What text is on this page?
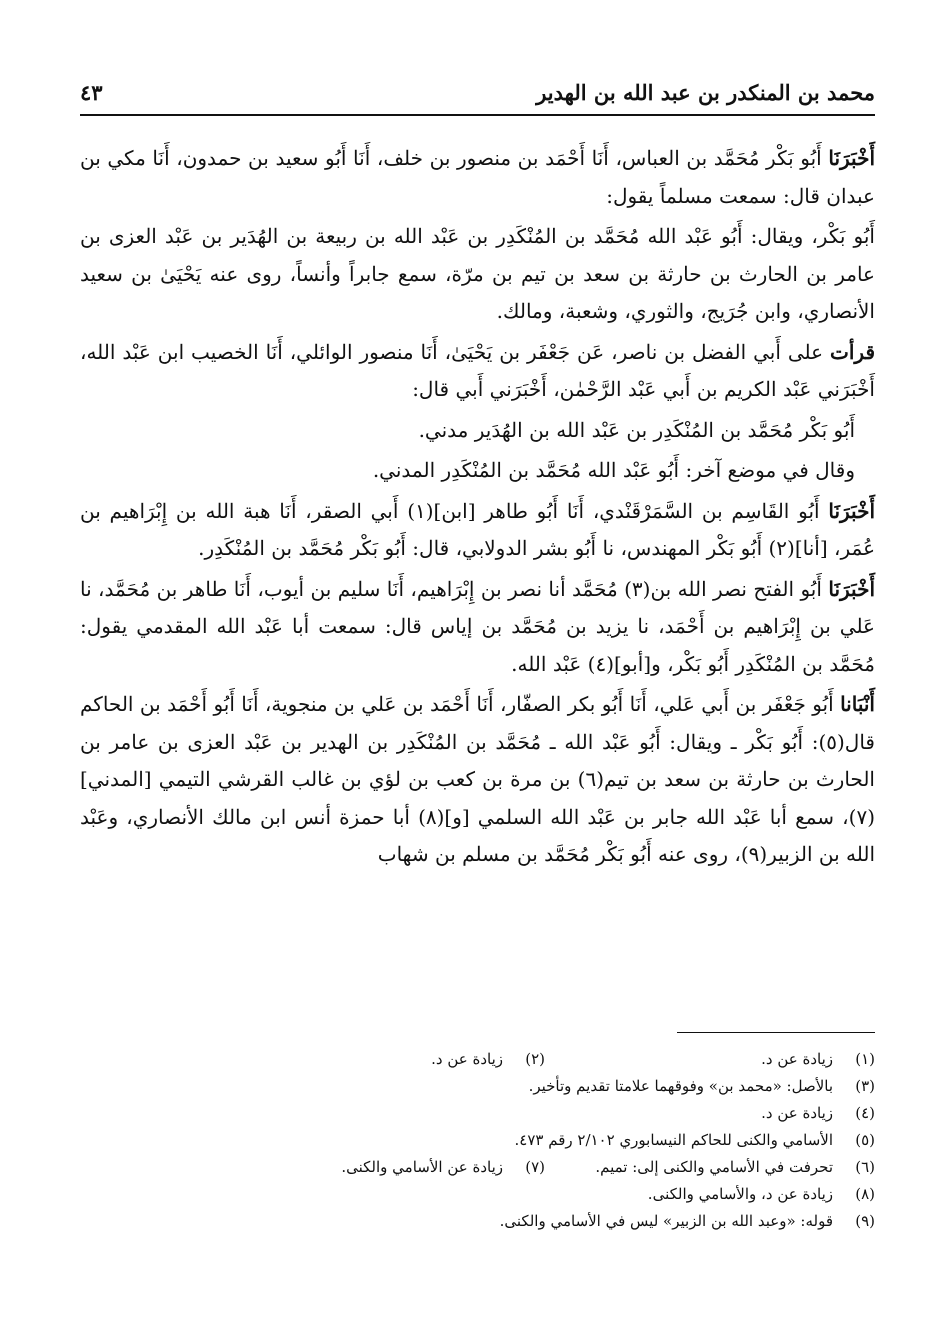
محمد بن المنكدر بن عبد الله بن الهدير
٤٣

أَخْبَرَنَا أَبُو بَكْر مُحَمَّد بن العباس، أَنَا أَحْمَد بن منصور بن خلف، أَنَا أَبُو سعيد بن حمدون، أَنَا مكي بن عبدان قال: سمعت مسلماً يقول:

أَبُو بَكْر، ويقال: أَبُو عَبْد الله مُحَمَّد بن المُنْكَدِر بن عَبْد الله بن ربيعة بن الهُدَير بن عَبْد العزى بن عامر بن الحارث بن حارثة بن سعد بن تيم بن مرّة، سمع جابراً وأنساً، روى عنه يَحْيَىٰ بن سعيد الأنصاري، وابن جُرَيج، والثوري، وشعبة، ومالك.

قرأت على أَبي الفضل بن ناصر، عَن جَعْفَر بن يَحْيَىٰ، أَنَا منصور الوائلي، أَنَا الخصيب ابن عَبْد الله، أَخْبَرَني عَبْد الكريم بن أَبي عَبْد الرَّحْمٰن، أَخْبَرَني أَبي قال:

أَبُو بَكْر مُحَمَّد بن المُنْكَدِر بن عَبْد الله بن الهُدَير مدني.

وقال في موضع آخر: أَبُو عَبْد الله مُحَمَّد بن المُنْكَدِر المدني.

أَخْبَرَنَا أَبُو القَاسِم بن السَّمَرْقَنْدي، أَنَا أَبُو طاهر [ابن](١) أَبي الصقر، أَنَا هبة الله بن إِبْرَاهيم بن عُمَر، [أنا](٢) أَبُو بَكْر المهندس، نا أَبُو بشر الدولابي، قال: أَبُو بَكْر مُحَمَّد بن المُنْكَدِر.

أَخْبَرَنَا أَبُو الفتح نصر الله بن(٣) مُحَمَّد أنا نصر بن إِبْرَاهيم، أَنَا سليم بن أيوب، أَنَا طاهر بن مُحَمَّد، نا عَلي بن إِبْرَاهيم بن أَحْمَد، نا يزيد بن مُحَمَّد بن إياس قال: سمعت أبا عَبْد الله المقدمي يقول: مُحَمَّد بن المُنْكَدِر أَبُو بَكْر، و[أبو](٤) عَبْد الله.

أَنْبَانا أَبُو جَعْفَر بن أَبي عَلي، أَنَا أَبُو بكر الصفّار، أَنَا أَحْمَد بن عَلي بن منجوية، أَنَا أَبُو أَحْمَد بن الحاكم قال(٥): أَبُو بَكْر ـ ويقال: أَبُو عَبْد الله ـ مُحَمَّد بن المُنْكَدِر بن الهدير بن عَبْد العزى بن عامر بن الحارث بن حارثة بن سعد بن تيم(٦) بن مرة بن كعب بن لؤي بن غالب القرشي التيمي [المدني](٧)، سمع أبا عَبْد الله جابر بن عَبْد الله السلمي [و](٨) أبا حمزة أنس ابن مالك الأنصاري، وعَبْد الله بن الزبير(٩)، روى عنه أَبُو بَكْر مُحَمَّد بن مسلم بن شهاب

(١)
زيادة عن د.
(٢)
زيادة عن د.
(٣)
بالأصل: «محمد بن» وفوقهما علامتا تقديم وتأخير.
(٤)
زيادة عن د.
(٥)
الأسامي والكنى للحاكم النيسابوري ٢/١٠٢ رقم ٤٧٣.
(٦)
تحرفت في الأسامي والكنى إلى: تميم.
(٧)
زيادة عن الأسامي والكنى.
(٨)
زيادة عن د، والأسامي والكنى.
(٩)
قوله: «وعبد الله بن الزبير» ليس في الأسامي والكنى.
